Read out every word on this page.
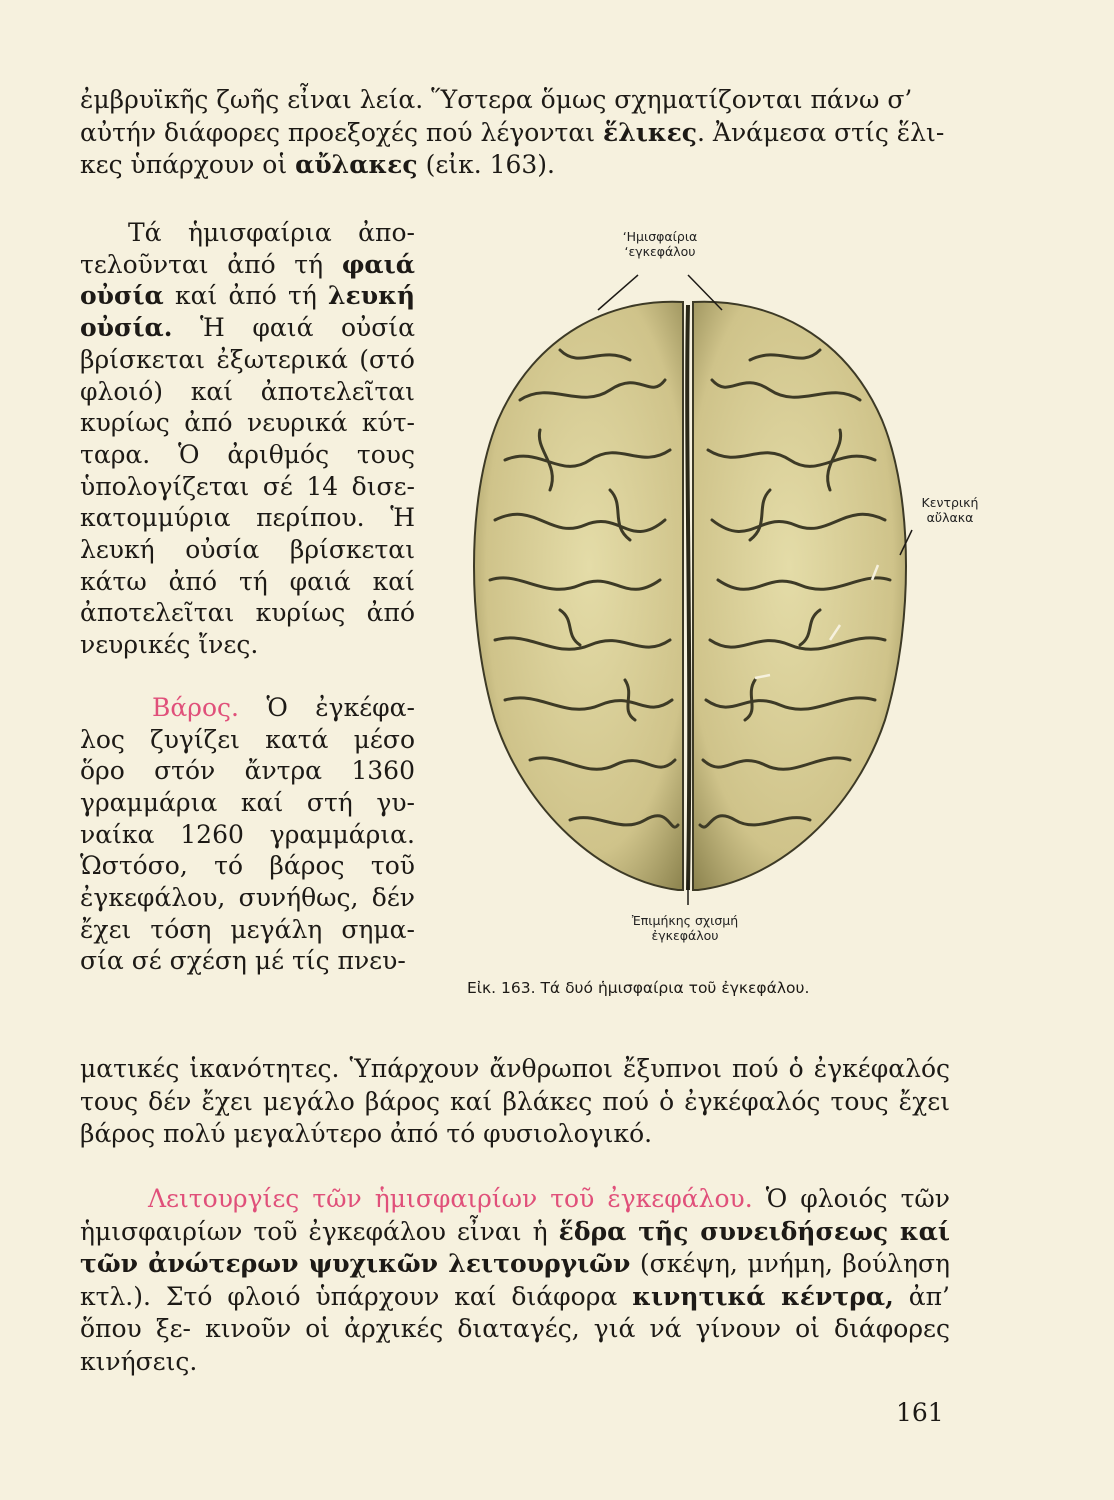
ἐμβρυϊκῆς ζωῆς εἶναι λεία. Ὕστερα ὅμως σχηματίζονται πάνω σ’
αὐτήν διάφορες προεξοχές πού λέγονται ἕλικες. Ἀνάμεσα στίς ἕλι-
κες ὑπάρχουν οἱ αὔλακες (εἰκ. 163).
Τά ἡμισφαίρια ἀπο- τελοῦνται ἀπό τή φαιά οὐσία καί ἀπό τή λευκή οὐσία. Ἡ φαιά οὐσία βρίσκεται ἐξωτερικά (στό φλοιό) καί ἀποτελεῖται κυρίως ἀπό νευρικά κύτ- ταρα. Ὁ ἀριθμός τους ὑπολογίζεται σέ 14 δισε- κατομμύρια περίπου. Ἡ λευκή οὐσία βρίσκεται κάτω ἀπό τή φαιά καί ἀποτελεῖται κυρίως ἀπό νευρικές ἴνες.
Βάρος. Ὁ ἐγκέφα- λος ζυγίζει κατά μέσο ὅρο στόν ἄντρα 1360 γραμμάρια καί στή γυ- ναίκα 1260 γραμμάρια. Ὡστόσο, τό βάρος τοῦ ἐγκεφάλου, συνήθως, δέν ἔχει τόση μεγάλη σημα- σία σέ σχέση μέ τίς πνευ-
ματικές ἱκανότητες. Ὑπάρχουν ἄνθρωποι ἔξυπνοι πού ὁ ἐγκέφαλός τους δέν ἔχει μεγάλο βάρος καί βλάκες πού ὁ ἐγκέφαλός τους ἔχει βάρος πολύ μεγαλύτερο ἀπό τό φυσιολογικό.
Λειτουργίες τῶν ἡμισφαιρίων τοῦ ἐγκεφάλου. Ὁ φλοιός τῶν ἡμισφαιρίων τοῦ ἐγκεφάλου εἶναι ἡ ἕδρα τῆς συνειδήσεως καί τῶν ἀνώτερων ψυχικῶν λειτουργιῶν (σκέψη, μνήμη, βούληση κτλ.). Στό φλοιό ὑπάρχουν καί διάφορα κινητικά κέντρα, ἀπ’ ὅπου ξε- κινοῦν οἱ ἀρχικές διαταγές, γιά νά γίνουν οἱ διάφορες κινήσεις.
‘Ημισφαίρια
‘εγκεφάλου
Κεντρική
αὔλακα
Ἐπιμήκης σχισμή
ἐγκεφάλου
Εἰκ. 163. Τά δυό ἡμισφαίρια τοῦ ἐγκεφάλου.
161
